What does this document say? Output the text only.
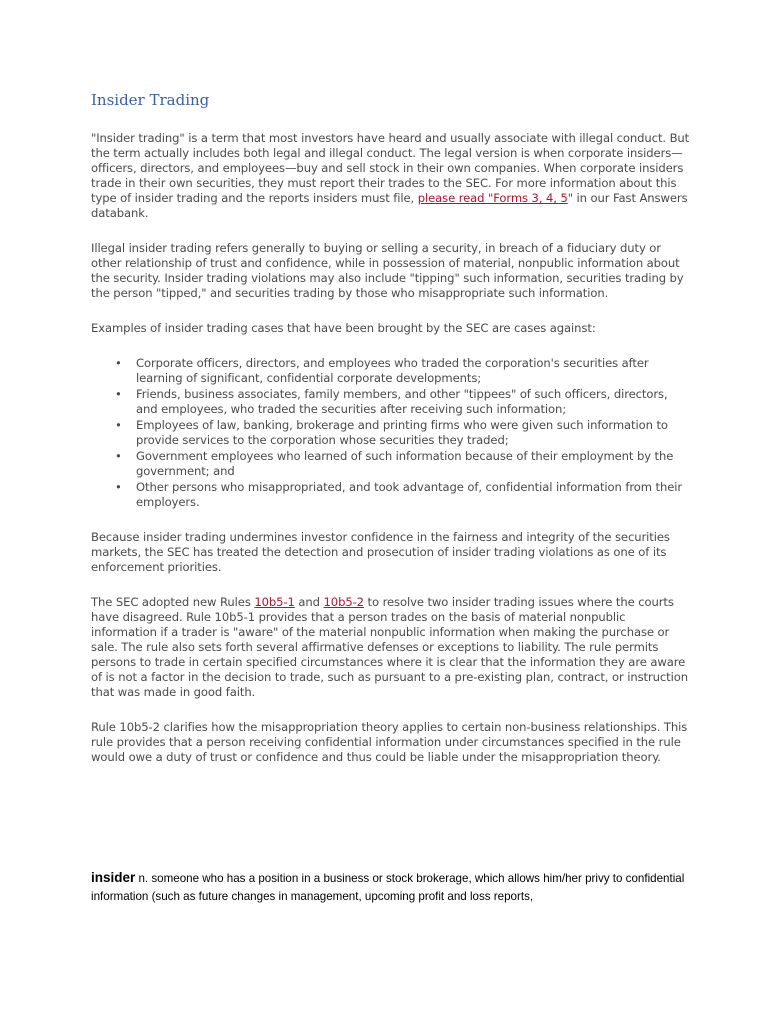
Insider Trading

"Insider trading" is a term that most investors have heard and usually associate with illegal conduct. But the term actually includes both legal and illegal conduct. The legal version is when corporate insiders—officers, directors, and employees—buy and sell stock in their own companies. When corporate insiders trade in their own securities, they must report their trades to the SEC. For more information about this type of insider trading and the reports insiders must file, please read "Forms 3, 4, 5" in our Fast Answers databank.

Illegal insider trading refers generally to buying or selling a security, in breach of a fiduciary duty or other relationship of trust and confidence, while in possession of material, nonpublic information about the security. Insider trading violations may also include "tipping" such information, securities trading by the person "tipped," and securities trading by those who misappropriate such information.

Examples of insider trading cases that have been brought by the SEC are cases against:

• Corporate officers, directors, and employees who traded the corporation's securities after learning of significant, confidential corporate developments;
• Friends, business associates, family members, and other "tippees" of such officers, directors, and employees, who traded the securities after receiving such information;
• Employees of law, banking, brokerage and printing firms who were given such information to provide services to the corporation whose securities they traded;
• Government employees who learned of such information because of their employment by the government; and
• Other persons who misappropriated, and took advantage of, confidential information from their employers.

Because insider trading undermines investor confidence in the fairness and integrity of the securities markets, the SEC has treated the detection and prosecution of insider trading violations as one of its enforcement priorities.

The SEC adopted new Rules 10b5-1 and 10b5-2 to resolve two insider trading issues where the courts have disagreed. Rule 10b5-1 provides that a person trades on the basis of material nonpublic information if a trader is "aware" of the material nonpublic information when making the purchase or sale. The rule also sets forth several affirmative defenses or exceptions to liability. The rule permits persons to trade in certain specified circumstances where it is clear that the information they are aware of is not a factor in the decision to trade, such as pursuant to a pre-existing plan, contract, or instruction that was made in good faith.

Rule 10b5-2 clarifies how the misappropriation theory applies to certain non-business relationships. This rule provides that a person receiving confidential information under circumstances specified in the rule would owe a duty of trust or confidence and thus could be liable under the misappropriation theory.

insider n. someone who has a position in a business or stock brokerage, which allows him/her privy to confidential information (such as future changes in management, upcoming profit and loss reports,
